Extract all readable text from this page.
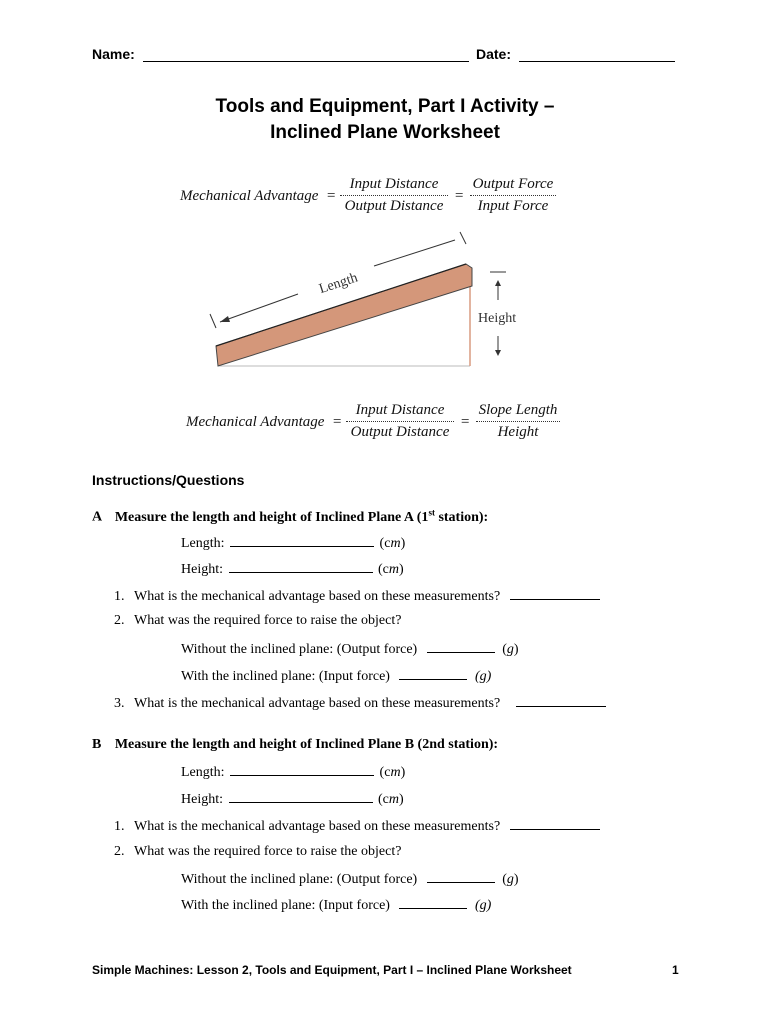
Name:	Date:
Tools and Equipment, Part I Activity –
Inclined Plane Worksheet
Mechanical Advantage =
Input Distance
Output Distance
=
Output Force
Input Force
Length
Height
Mechanical Advantage =
Input Distance
Output Distance
=
Slope Length
Height
Instructions/Questions
A Measure the length and height of Inclined Plane A (1st station):
Length:	(cm)
Height:	(cm)
1. What is the mechanical advantage based on these measurements?
2. What was the required force to raise the object?
Without the inclined plane: (Output force)	(g)
With the inclined plane: (Input force)	(g)
3. What is the mechanical advantage based on these measurements?
B Measure the length and height of Inclined Plane B (2nd station):
Length:	(cm)
Height:	(cm)
1. What is the mechanical advantage based on these measurements?
2. What was the required force to raise the object?
Without the inclined plane: (Output force)	(g)
With the inclined plane: (Input force)	(g)
Simple Machines: Lesson 2, Tools and Equipment, Part I – Inclined Plane Worksheet	1
